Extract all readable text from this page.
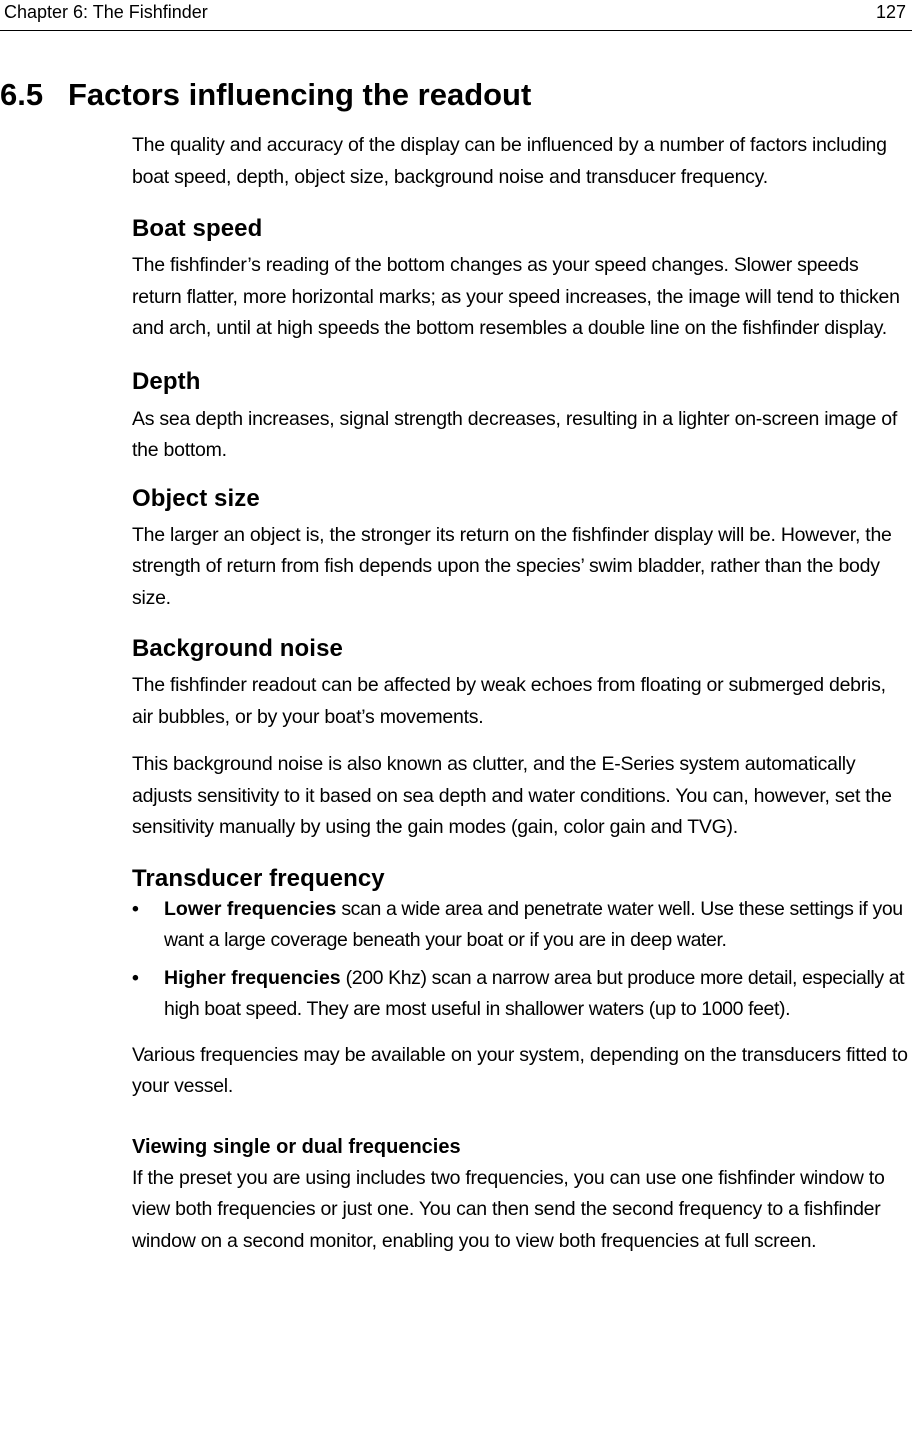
Chapter 6: The Fishfinder	127
6.5 Factors influencing the readout

The quality and accuracy of the display can be influenced by a number of factors including boat speed, depth, object size, background noise and transducer frequency.

Boat speed

The fishfinder’s reading of the bottom changes as your speed changes. Slower speeds return flatter, more horizontal marks; as your speed increases, the image will tend to thicken and arch, until at high speeds the bottom resembles a double line on the fishfinder display.

Depth

As sea depth increases, signal strength decreases, resulting in a lighter on-screen image of the bottom.

Object size

The larger an object is, the stronger its return on the fishfinder display will be. However, the strength of return from fish depends upon the species’ swim bladder, rather than the body size.

Background noise

The fishfinder readout can be affected by weak echoes from floating or submerged debris, air bubbles, or by your boat’s movements.

This background noise is also known as clutter, and the E-Series system automatically adjusts sensitivity to it based on sea depth and water conditions. You can, however, set the sensitivity manually by using the gain modes (gain, color gain and TVG).

Transducer frequency
• Lower frequencies scan a wide area and penetrate water well. Use these settings if you want a large coverage beneath your boat or if you are in deep water.
• Higher frequencies (200 Khz) scan a narrow area but produce more detail, especially at high boat speed. They are most useful in shallower waters (up to 1000 feet).

Various frequencies may be available on your system, depending on the transducers fitted to your vessel.

Viewing single or dual frequencies

If the preset you are using includes two frequencies, you can use one fishfinder window to view both frequencies or just one. You can then send the second frequency to a fishfinder window on a second monitor, enabling you to view both frequencies at full screen.
